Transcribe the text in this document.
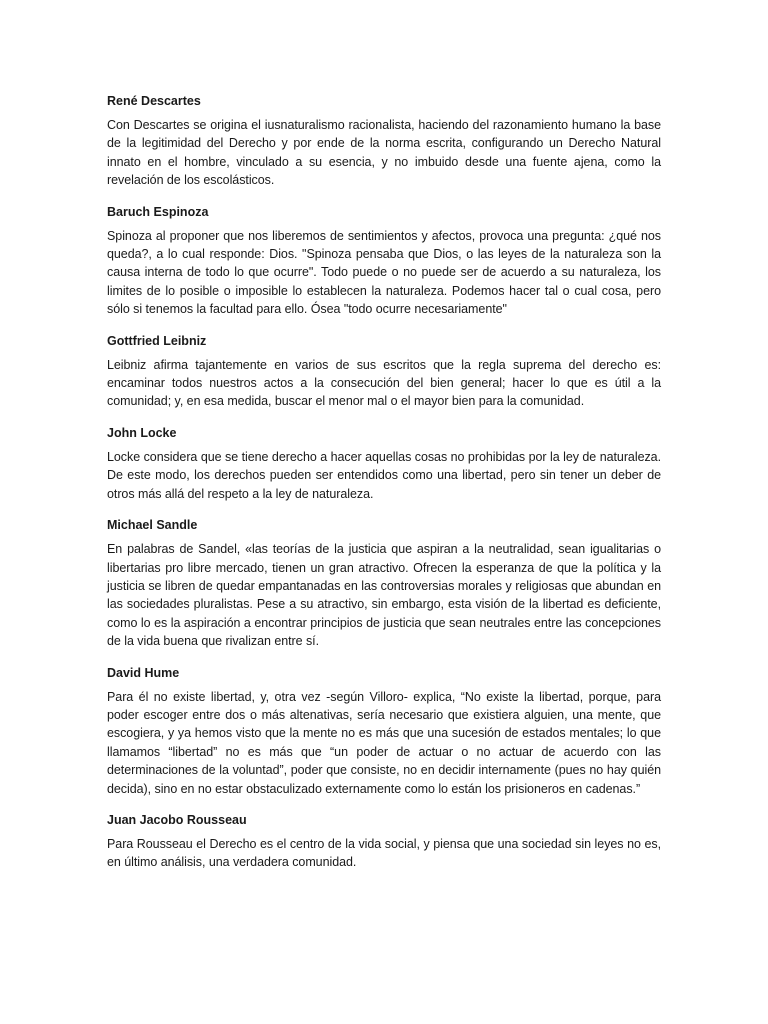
René Descartes

Con Descartes se origina el iusnaturalismo racionalista, haciendo del razonamiento humano la base de la legitimidad del Derecho y por ende de la norma escrita, configurando un Derecho Natural innato en el hombre, vinculado a su esencia, y no imbuido desde una fuente ajena, como la revelación de los escolásticos.

Baruch Espinoza

Spinoza al proponer que nos liberemos de sentimientos y afectos, provoca una pregunta: ¿qué nos queda?, a lo cual responde: Dios. "Spinoza pensaba que Dios, o las leyes de la naturaleza son la causa interna de todo lo que ocurre". Todo puede o no puede ser de acuerdo a su naturaleza, los limites de lo posible o imposible lo establecen la naturaleza. Podemos hacer tal o cual cosa, pero sólo si tenemos la facultad para ello. Ósea "todo ocurre necesariamente"

Gottfried Leibniz

Leibniz afirma tajantemente en varios de sus escritos que la regla suprema del derecho es: encaminar todos nuestros actos a la consecución del bien general; hacer lo que es útil a la comunidad; y, en esa medida, buscar el menor mal o el mayor bien para la comunidad.

John Locke

Locke considera que se tiene derecho a hacer aquellas cosas no prohibidas por la ley de naturaleza. De este modo, los derechos pueden ser entendidos como una libertad, pero sin tener un deber de otros más allá del respeto a la ley de naturaleza.

Michael Sandle

En palabras de Sandel, «las teorías de la justicia que aspiran a la neutralidad, sean igualitarias o libertarias pro libre mercado, tienen un gran atractivo. Ofrecen la esperanza de que la política y la justicia se libren de quedar empantanadas en las controversias morales y religiosas que abundan en las sociedades pluralistas. Pese a su atractivo, sin embargo, esta visión de la libertad es deficiente, como lo es la aspiración a encontrar principios de justicia que sean neutrales entre las concepciones de la vida buena que rivalizan entre sí.

David Hume

Para él no existe libertad, y, otra vez -según Villoro- explica, “No existe la libertad, porque, para poder escoger entre dos o más altenativas, sería necesario que existiera alguien, una mente, que escogiera, y ya hemos visto que la mente no es más que una sucesión de estados mentales; lo que llamamos “libertad” no es más que “un poder de actuar o no actuar de acuerdo con las determinaciones de la voluntad”, poder que consiste, no en decidir internamente (pues no hay quién decida), sino en no estar obstaculizado externamente como lo están los prisioneros en cadenas.”

Juan Jacobo Rousseau

Para Rousseau el Derecho es el centro de la vida social, y piensa que una sociedad sin leyes no es, en último análisis, una verdadera comunidad.
